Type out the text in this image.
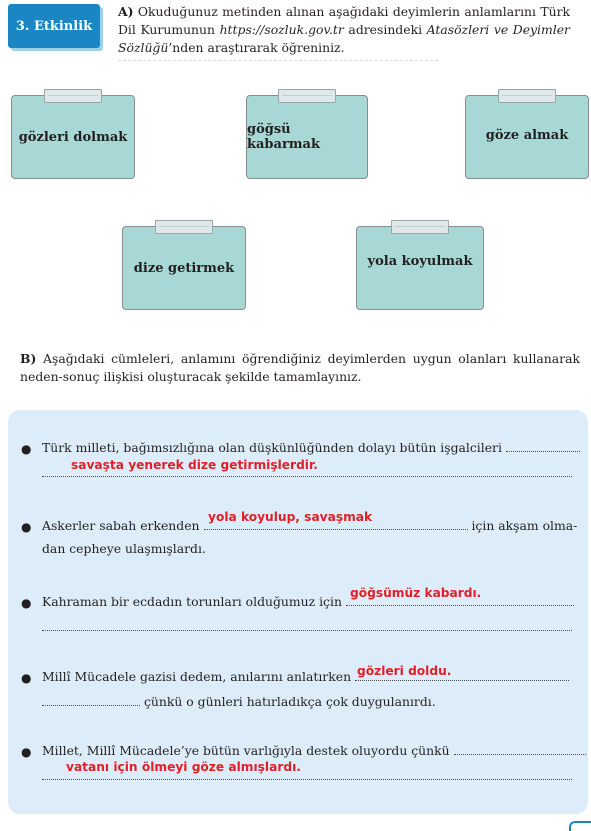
3. Etkinlik
A) Okuduğunuz metinden alınan aşağıdaki deyimlerin anlamlarını Türk Dil Kurumunun https://sozluk.gov.tr adresindeki Atasözleri ve Deyimler Sözlüğü’nden araştırarak öğreniniz.
gözleri dolmak	göğsü kabarmak
göze almak
dize getirmek	yola koyulmak
B) Aşağıdaki cümleleri, anlamını öğrendiğiniz deyimlerden uygun olanları kullanarak neden-sonuç ilişkisi oluşturacak şekilde tamamlayınız.
● Türk milleti, bağımsızlığına olan düşkünlüğünden dolayı bütün işgalcileri
savaşta yenerek dize getirmişlerdir.
● Askerler sabah erkenden	için akşam olma-
dan cepheye ulaşmışlardı.
yola koyulup, savaşmak
● Kahraman bir ecdadın torunları olduğumuz için
göğsümüz kabardı.
● Millî Mücadele gazisi dedem, anılarını anlatırken
çünkü o günleri hatırladıkça çok duygulanırdı.
gözleri doldu.
● Millet, Millî Mücadele’ye bütün varlığıyla destek oluyordu çünkü
vatanı için ölmeyi göze almışlardı.
